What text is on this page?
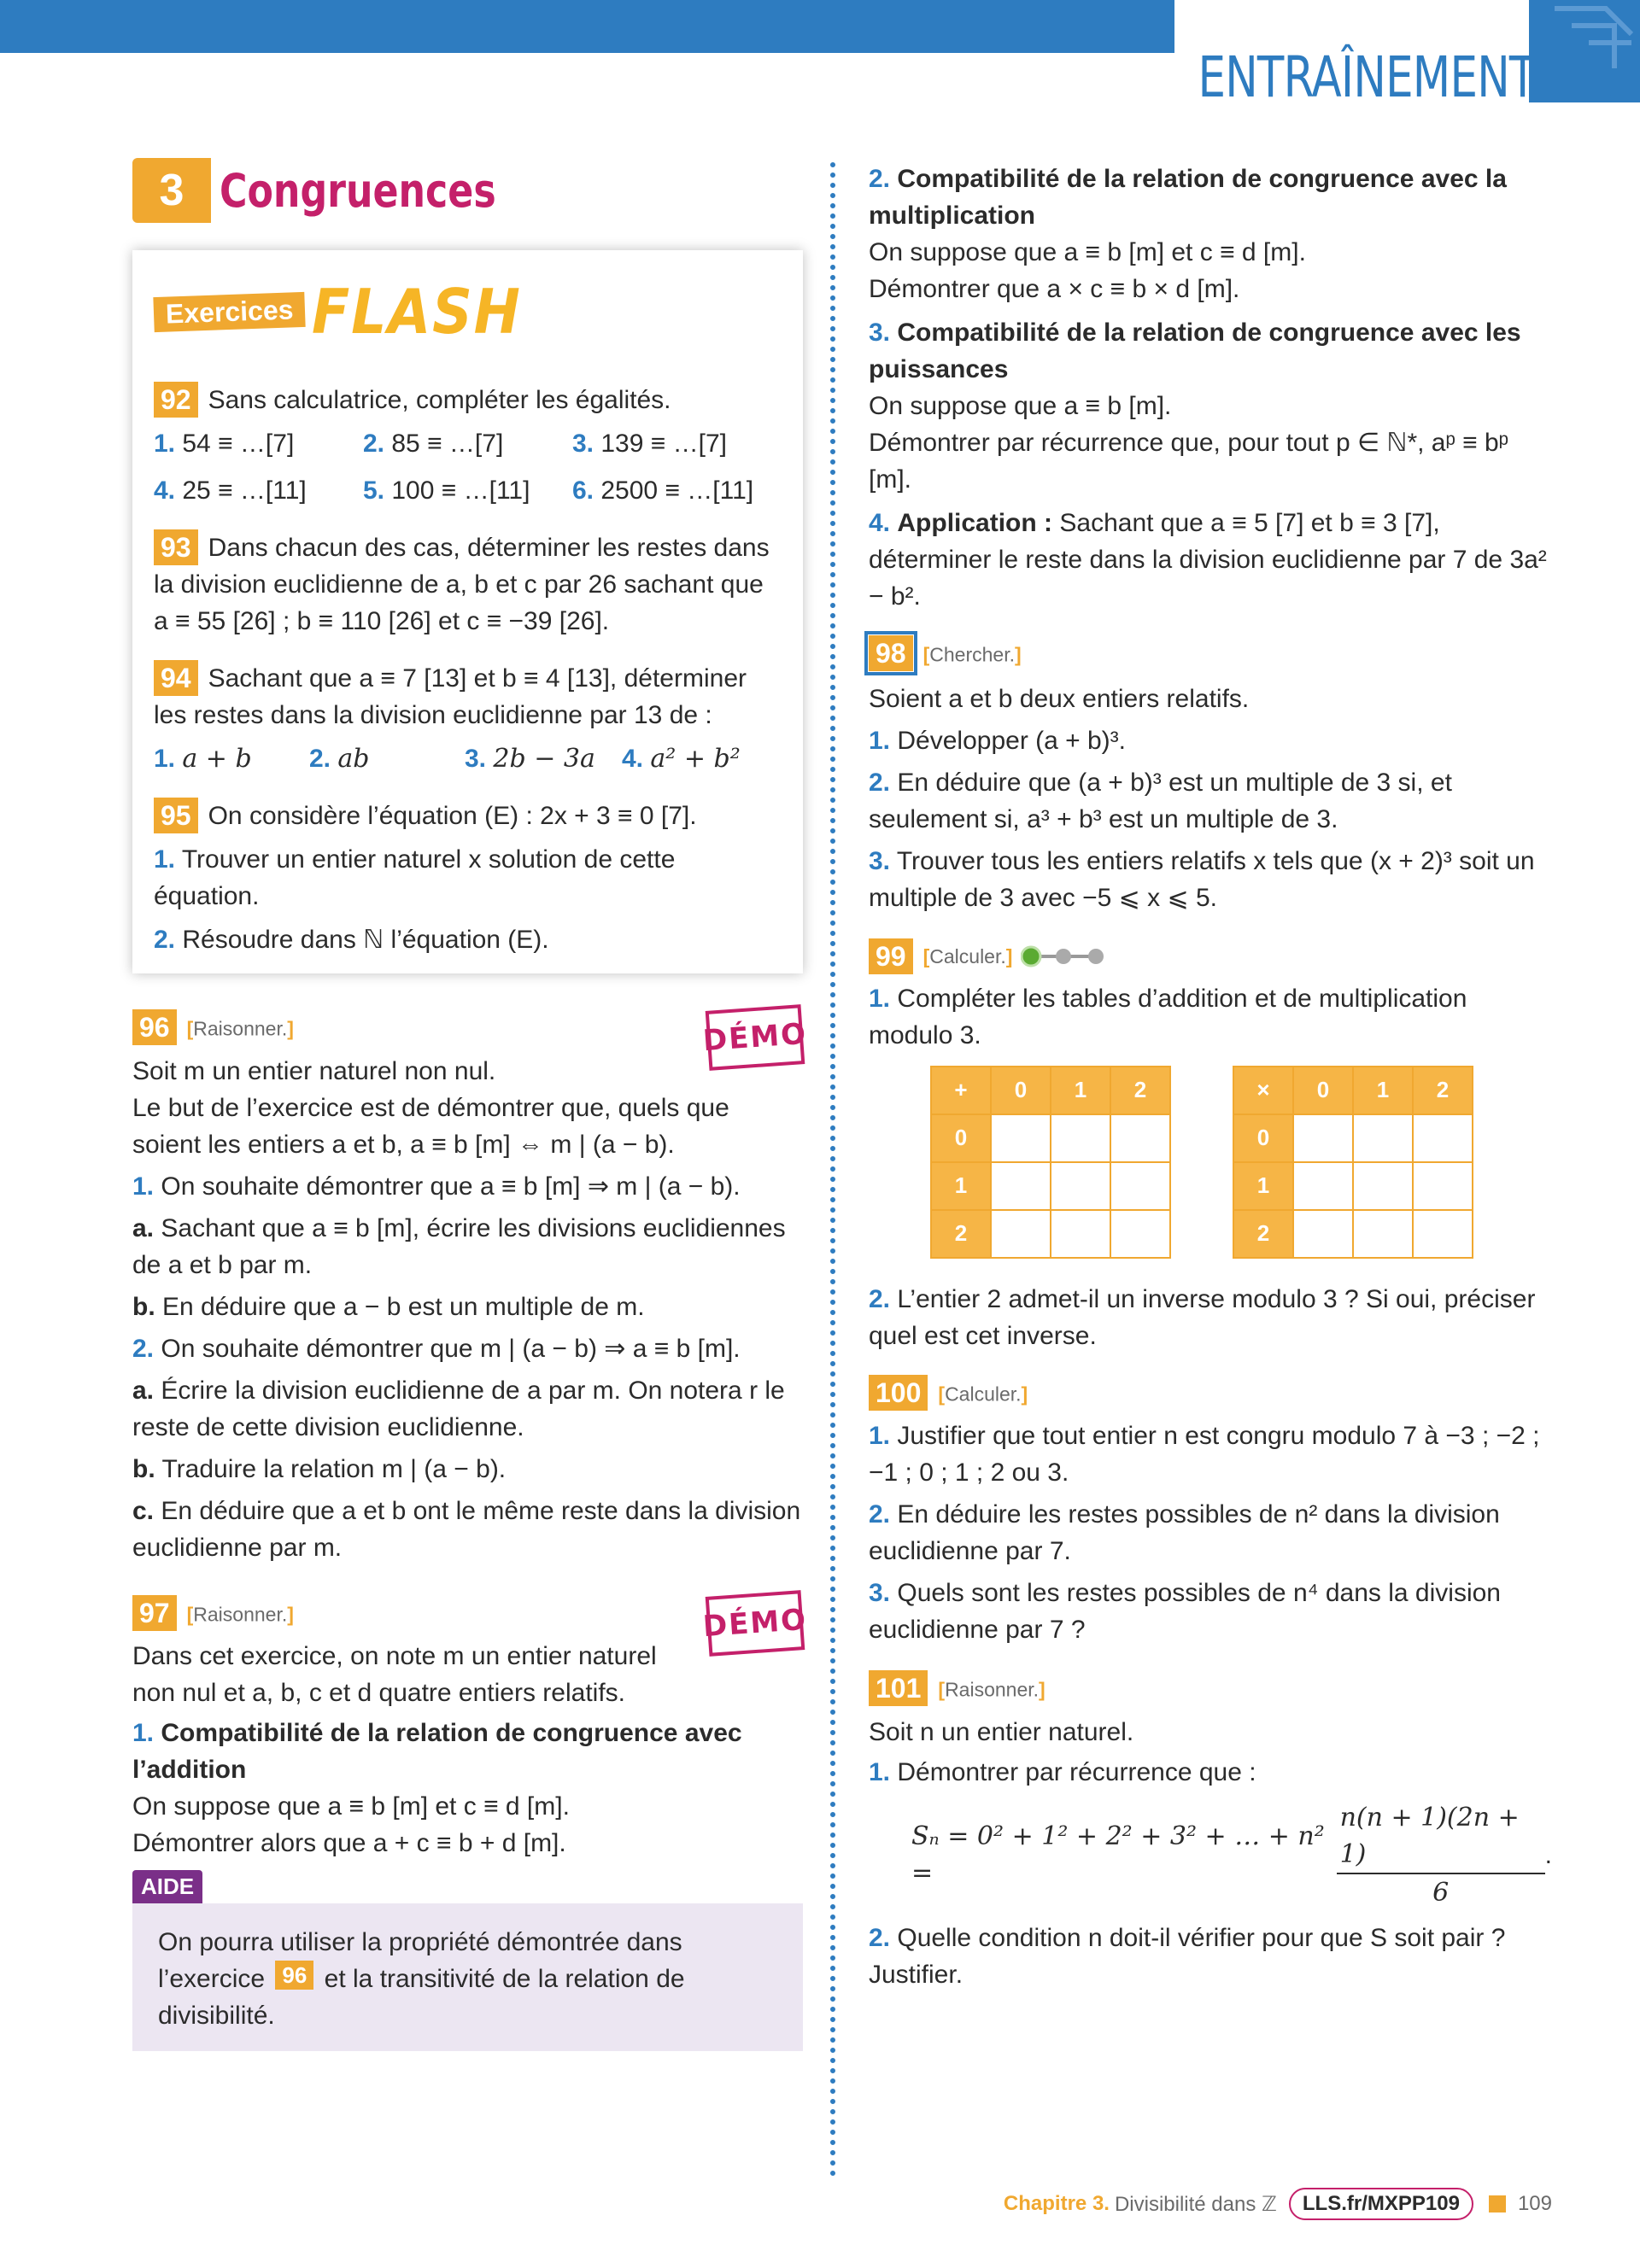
ENTRAÎNEMENT
3 Congruences
Exercices FLASH
92 Sans calculatrice, compléter les égalités.
1. 54 ≡ …[7]	2. 85 ≡ …[7]	3. 139 ≡ …[7]
4. 25 ≡ …[11]	5. 100 ≡ …[11]	6. 2500 ≡ …[11]
93 Dans chacun des cas, déterminer les restes dans la division euclidienne de a, b et c par 26 sachant que a ≡ 55 [26] ; b ≡ 110 [26] et c ≡ −39 [26].
94 Sachant que a ≡ 7 [13] et b ≡ 4 [13], déterminer les restes dans la division euclidienne par 13 de :
1. a + b	2. ab	3. 2b − 3a	4. a² + b²
95 On considère l’équation (E) : 2x + 3 ≡ 0 [7].
1. Trouver un entier naturel x solution de cette équation.
2. Résoudre dans ℕ l’équation (E).
DÉMO
96 [Raisonner.]
Soit m un entier naturel non nul.
Le but de l’exercice est de démontrer que, quels que soient les entiers a et b, a ≡ b [m] ⇔ m | (a − b).
1. On souhaite démontrer que a ≡ b [m] ⇒ m | (a − b).
a. Sachant que a ≡ b [m], écrire les divisions euclidiennes de a et b par m.
b. En déduire que a − b est un multiple de m.
2. On souhaite démontrer que m | (a − b) ⇒ a ≡ b [m].
a. Écrire la division euclidienne de a par m. On notera r le reste de cette division euclidienne.
b. Traduire la relation m | (a − b).
c. En déduire que a et b ont le même reste dans la division euclidienne par m.
DÉMO
97 [Raisonner.]
Dans cet exercice, on note m un entier naturel non nul et a, b, c et d quatre entiers relatifs.
1. Compatibilité de la relation de congruence avec l’addition
On suppose que a ≡ b [m] et c ≡ d [m].
Démontrer alors que a + c ≡ b + d [m].
AIDE
On pourra utiliser la propriété démontrée dans l’exercice 96 et la transitivité de la relation de divisibilité.
2. Compatibilité de la relation de congruence avec la multiplication
On suppose que a ≡ b [m] et c ≡ d [m].
Démontrer que a × c ≡ b × d [m].
3. Compatibilité de la relation de congruence avec les puissances
On suppose que a ≡ b [m].
Démontrer par récurrence que, pour tout p ∈ ℕ*, aᵖ ≡ bᵖ [m].
4. Application : Sachant que a ≡ 5 [7] et b ≡ 3 [7], déterminer le reste dans la division euclidienne par 7 de 3a² − b².
98 [Chercher.]
Soient a et b deux entiers relatifs.
1. Développer (a + b)³.
2. En déduire que (a + b)³ est un multiple de 3 si, et seulement si, a³ + b³ est un multiple de 3.
3. Trouver tous les entiers relatifs x tels que (x + 2)³ soit un multiple de 3 avec −5 ⩽ x ⩽ 5.
99 [Calculer.]
1. Compléter les tables d’addition et de multiplication modulo 3.
+	0	1	2
0			
1			
2			
×	0	1	2
0			
1			
2			
2. L’entier 2 admet-il un inverse modulo 3 ? Si oui, préciser quel est cet inverse.
100 [Calculer.]
1. Justifier que tout entier n est congru modulo 7 à −3 ; −2 ; −1 ; 0 ; 1 ; 2 ou 3.
2. En déduire les restes possibles de n² dans la division euclidienne par 7.
3. Quels sont les restes possibles de n⁴ dans la division euclidienne par 7 ?
101 [Raisonner.]
Soit n un entier naturel.
1. Démontrer par récurrence que :
Sₙ = 0² + 1² + 2² + 3² + … + n² =	$\frac{n(n + 1)(2n + 1)}{6}$ .
2. Quelle condition n doit-il vérifier pour que S soit pair ? Justifier.
Chapitre 3. Divisibilité dans ℤ	LLS.fr/MXPP109	109
